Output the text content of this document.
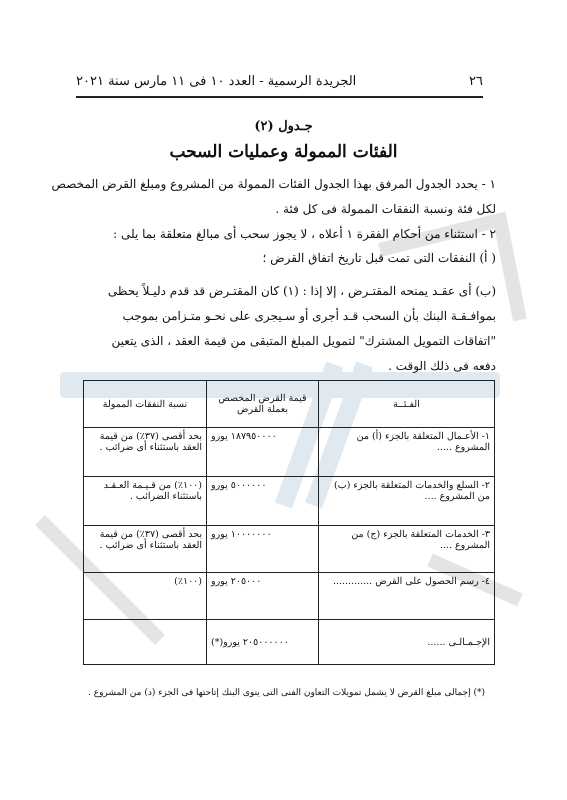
٢٦
الجريدة الرسمية - العدد ١٠ فى ١١ مارس سنة ٢٠٢١
جـدول (٢)
الفئات الممولة وعمليات السحب
١ - يحدد الجدول المرفق بهذا الجدول الفئات الممولة من المشروع ومبلغ القرض المخصص
لكل فئة ونسبة النفقات الممولة فى كل فئة .
٢ - استثناء من أحكام الفقرة ١ أعلاه ، لا يجوز سحب أى مبالغ متعلقة بما يلى :
( أ) النفقات التى تمت قبل تاريخ اتفاق القرض ؛
(ب) أى عقـد يمنحه المقتـرض ، إلا إذا : (١) كان المقتـرض قد قدم دليـلاً يحظى
بموافـقـة البنك بأن السحب قـد أجرى أو سـيجرى على نحـو متـزامن بموجب
"اتفاقات التمويل المشترك" لتمويل المبلغ المتبقى من قيمة العقد ، الذى يتعين
دفعه فى ذلك الوقت .
الفـئــة	قيمة القرض المخصص بعملة القرض	نسبة النفقات الممولة
١- الأعـمال المتعلقة بالجزء (أ) من المشروع .....	١٨٧٩٥٠٠٠٠ يورو	بحد أقصى (٣٧٪) من قيمة العقد باستثناء أى ضرائب .
٢- السلع والخدمات المتعلقة بالجزء (ب) من المشروع ....	٥٠٠٠٠٠٠ يورو	(١٠٠٪) من قـيـمة العـقـد باستثناء الضرائب .
٣- الخدمات المتعلقة بالجزء (ج) من المشروع ....	١٠٠٠٠٠٠٠ يورو	بحد أقصى (٣٧٪) من قيمة العقد باستثناء أى ضرائب .
٤- رسم الحصول على القرض .............	٢٠٥٠٠٠ يورو	(١٠٠٪)
الإجـمـالـى ......	٢٠٥٠٠٠٠٠٠ يورو(*)	
(*) إجمالى مبلغ القرض لا يشمل تمويلات التعاون الفنى التى ينوى البنك إتاحتها فى الجزء (د) من المشروع .
